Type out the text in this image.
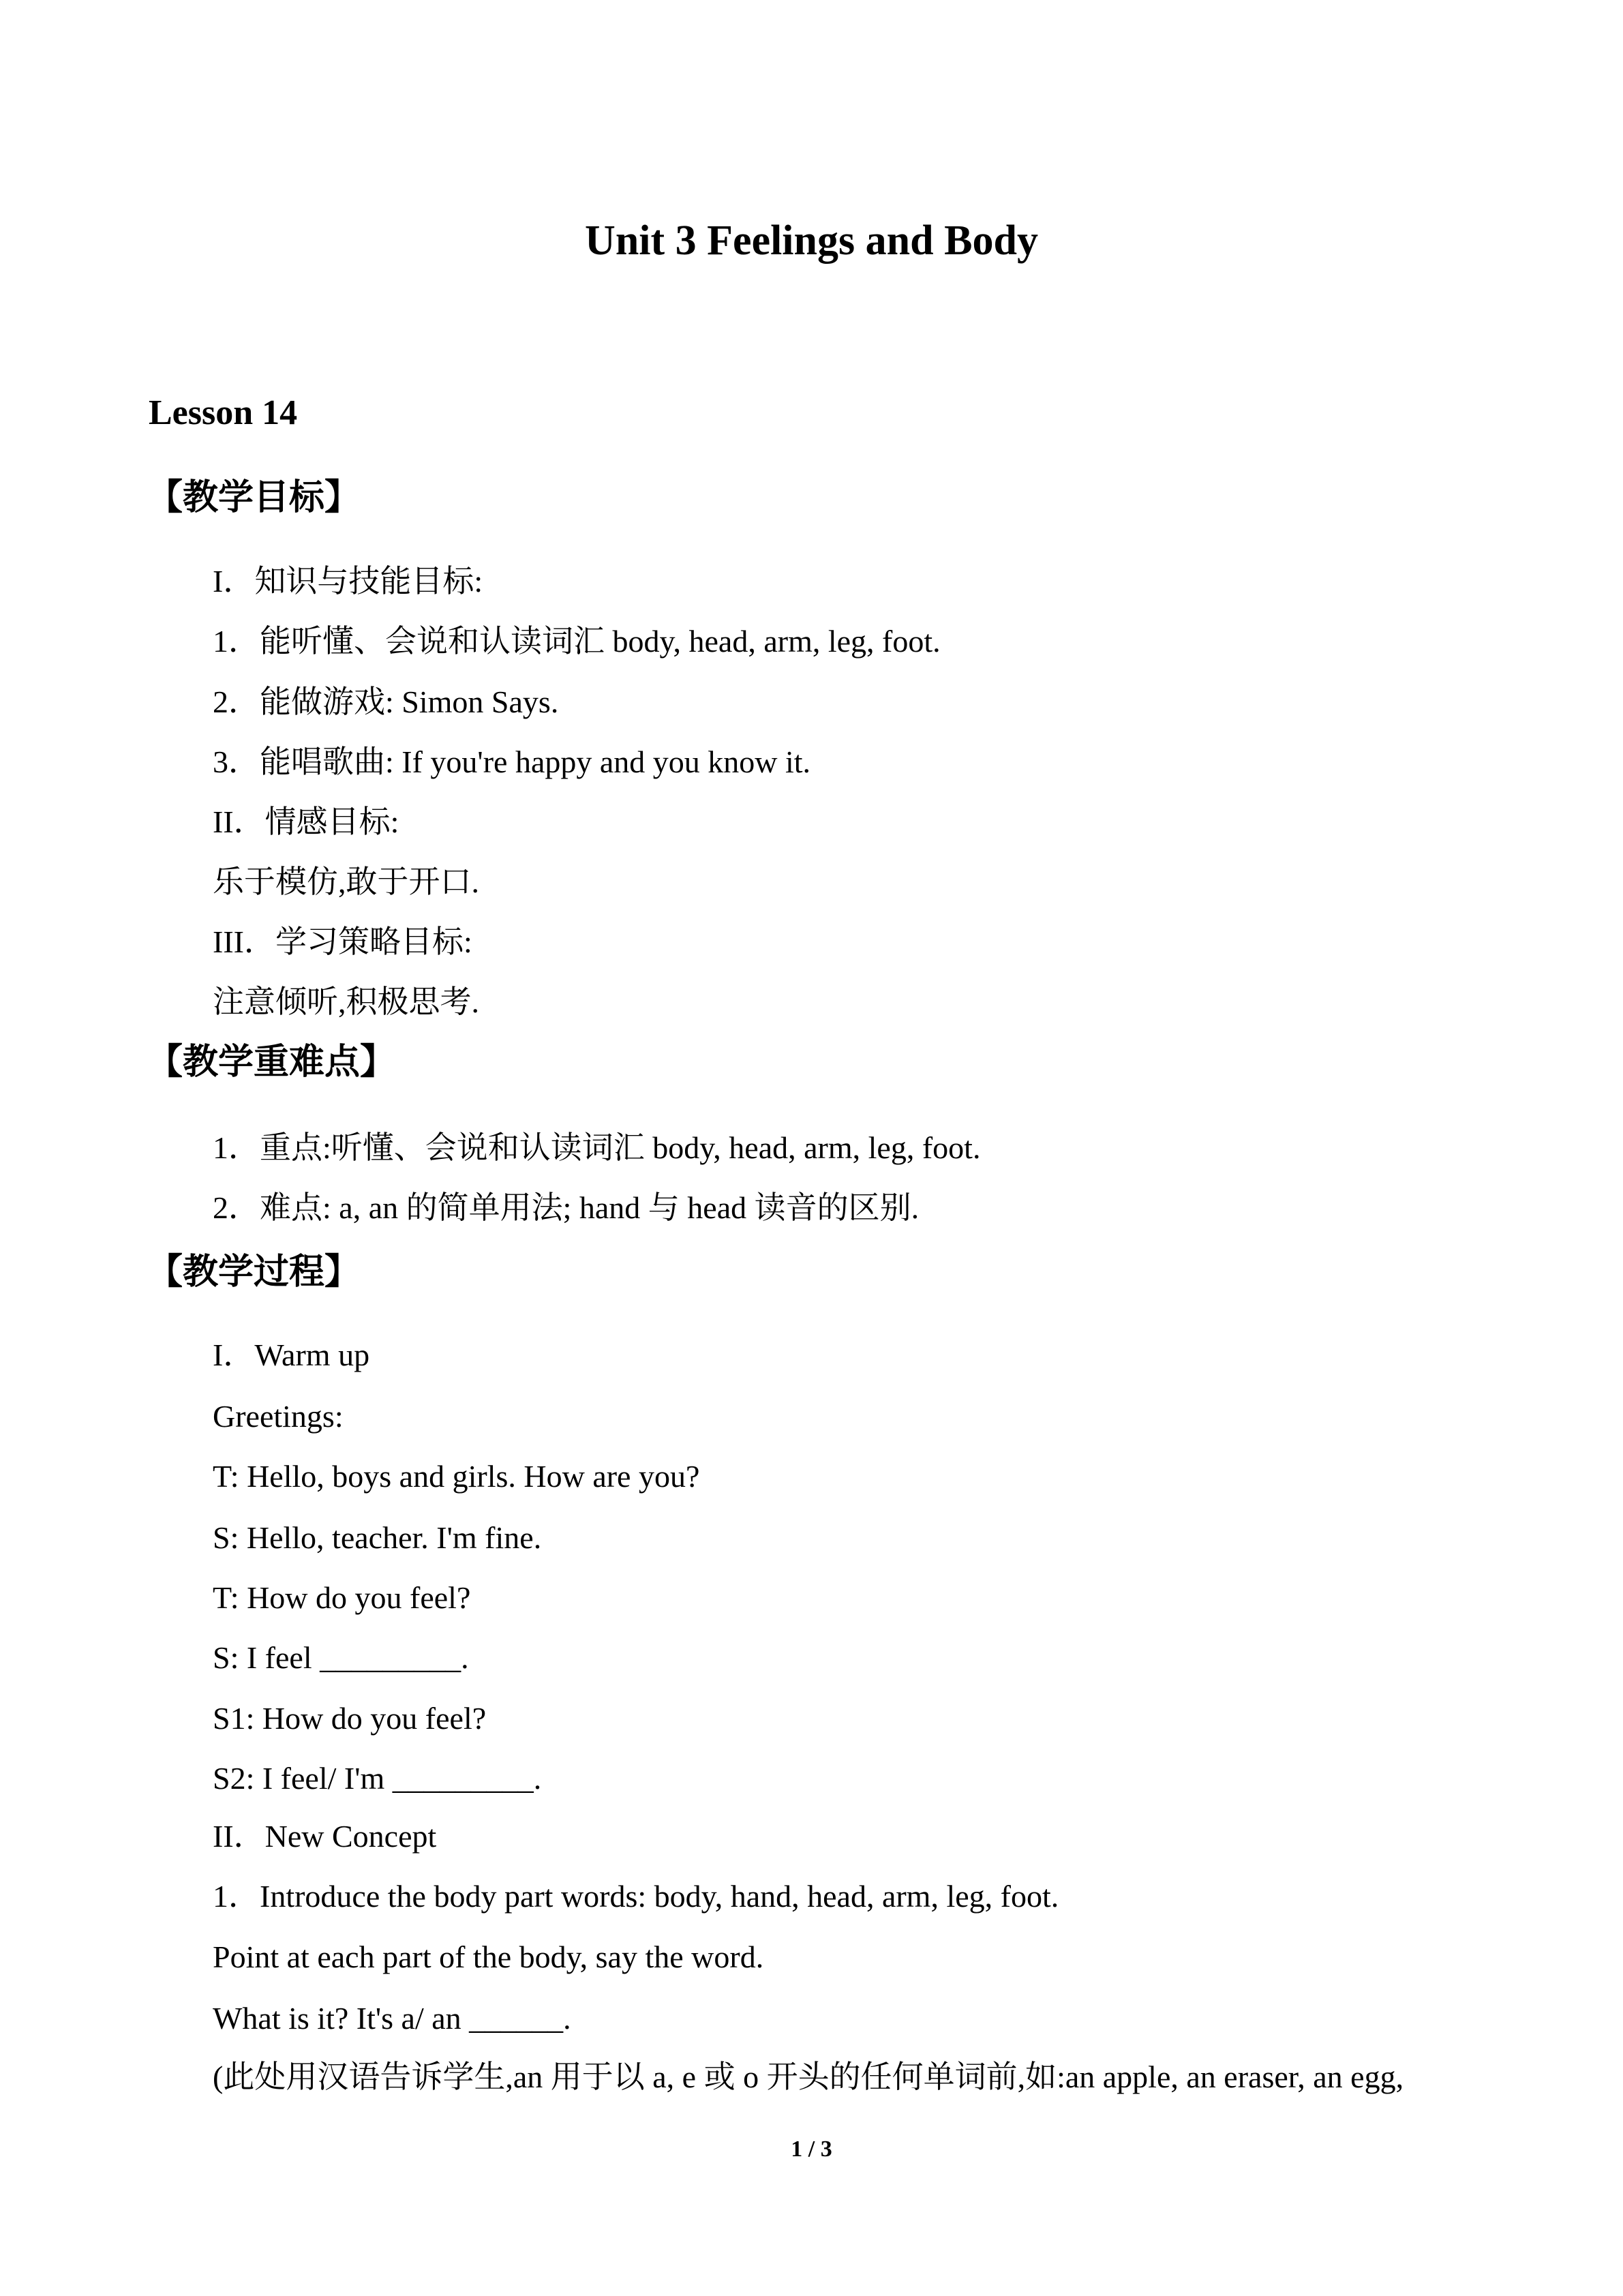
Unit 3 Feelings and Body
Lesson 14
【教学目标】
I．知识与技能目标:
1．能听懂、会说和认读词汇 body, head, arm, leg, foot.
2．能做游戏: Simon Says.
3．能唱歌曲: If you're happy and you know it.
II．情感目标:
乐于模仿,敢于开口.
III．学习策略目标:
注意倾听,积极思考.
【教学重难点】
1．重点:听懂、会说和认读词汇 body, head, arm, leg, foot.
2．难点: a, an 的简单用法; hand 与 head 读音的区别.
【教学过程】
I．Warm up
Greetings:
T: Hello, boys and girls. How are you?
S: Hello, teacher. I'm fine.
T: How do you feel?
S: I feel _________.
S1: How do you feel?
S2: I feel/ I'm _________.
II．New Concept
1．Introduce the body part words: body, hand, head, arm, leg, foot.
Point at each part of the body, say the word.
What is it? It's a/ an ______.
(此处用汉语告诉学生,an 用于以 a, e 或 o 开头的任何单词前,如:an apple, an eraser, an egg,
1 / 3
